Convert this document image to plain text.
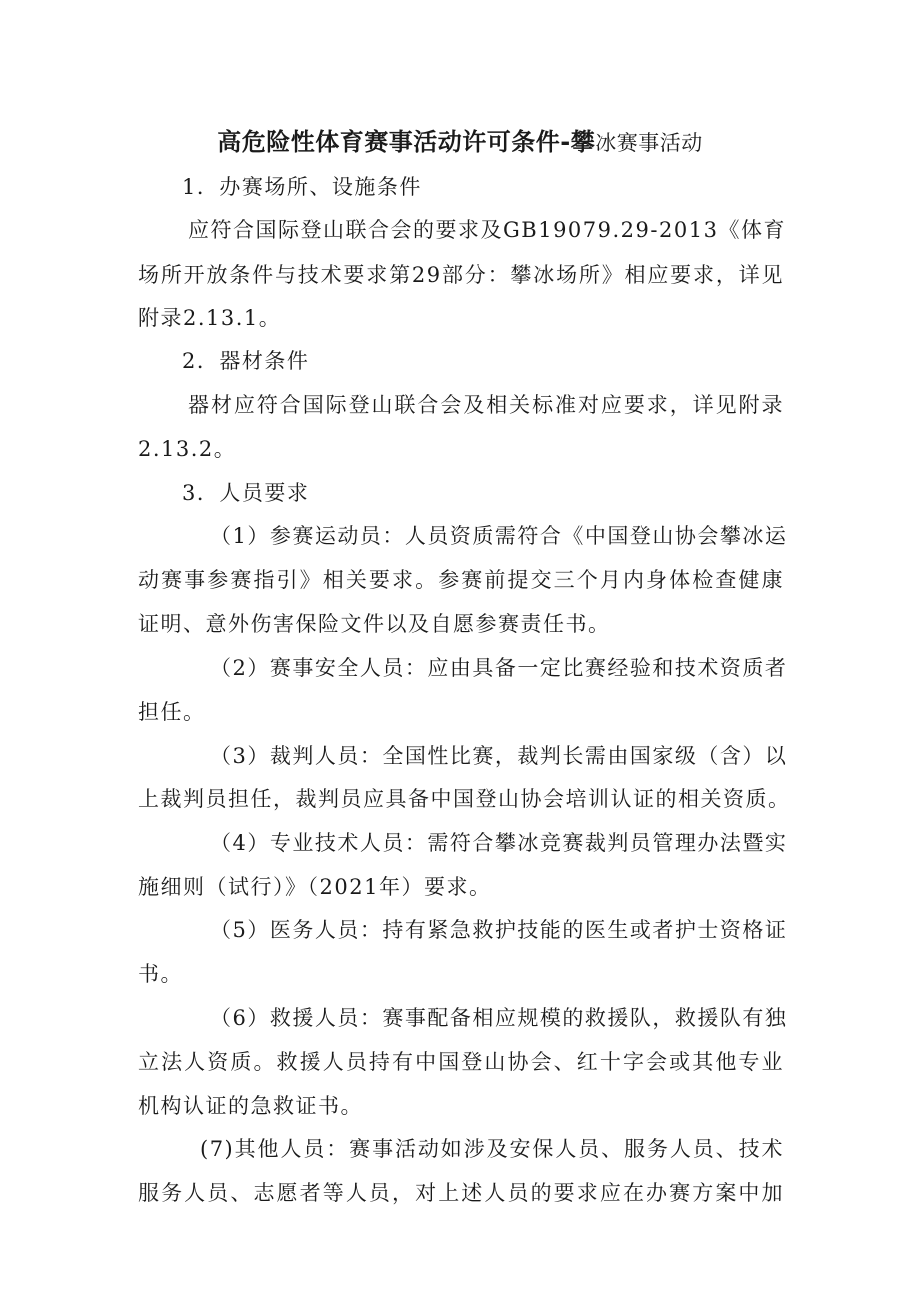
高危险性体育赛事活动许可条件-攀冰赛事活动
1．办赛场所、设施条件
应符合国际登山联合会的要求及GB19079.29-2013《体育
场所开放条件与技术要求第29部分：攀冰场所》相应要求，详见
附录2.13.1。
2．器材条件
器材应符合国际登山联合会及相关标准对应要求，详见附录
2.13.2。
3．人员要求
（1）参赛运动员：人员资质需符合《中国登山协会攀冰运
动赛事参赛指引》相关要求。参赛前提交三个月内身体检查健康
证明、意外伤害保险文件以及自愿参赛责任书。
（2）赛事安全人员：应由具备一定比赛经验和技术资质者
担任。
（3）裁判人员：全国性比赛，裁判长需由国家级（含）以
上裁判员担任，裁判员应具备中国登山协会培训认证的相关资质。
（4）专业技术人员：需符合攀冰竞赛裁判员管理办法暨实
施细则（试行）》（2021年）要求。
（5）医务人员：持有紧急救护技能的医生或者护士资格证
书。
（6）救援人员：赛事配备相应规模的救援队，救援队有独
立法人资质。救援人员持有中国登山协会、红十字会或其他专业
机构认证的急救证书。
(7)其他人员：赛事活动如涉及安保人员、服务人员、技术
服务人员、志愿者等人员，对上述人员的要求应在办赛方案中加
